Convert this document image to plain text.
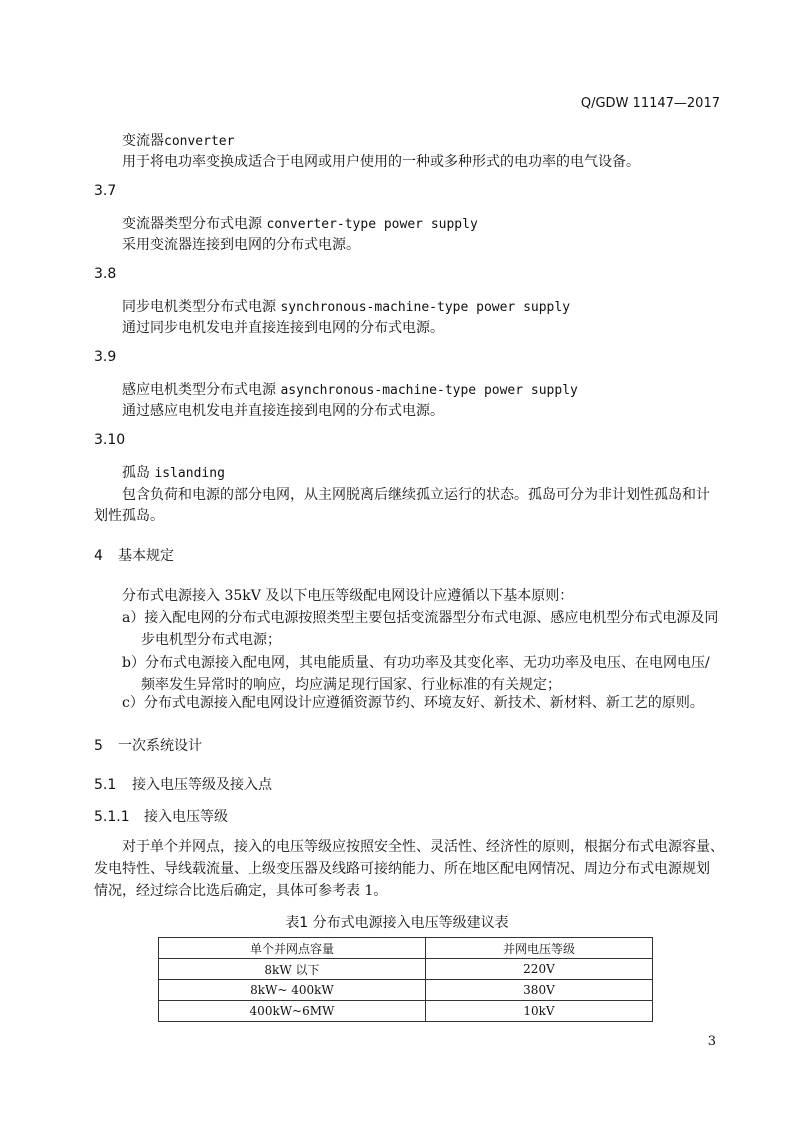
Q/GDW 11147—2017
变流器converter
用于将电功率变换成适合于电网或用户使用的一种或多种形式的电功率的电气设备。
3.7
变流器类型分布式电源 converter-type power supply
采用变流器连接到电网的分布式电源。
3.8
同步电机类型分布式电源 synchronous-machine-type power supply
通过同步电机发电并直接连接到电网的分布式电源。
3.9
感应电机类型分布式电源 asynchronous-machine-type power supply
通过感应电机发电并直接连接到电网的分布式电源。
3.10
孤岛 islanding
包含负荷和电源的部分电网，从主网脱离后继续孤立运行的状态。孤岛可分为非计划性孤岛和计
划性孤岛。
4 基本规定
分布式电源接入 35kV 及以下电压等级配电网设计应遵循以下基本原则：
a）接入配电网的分布式电源按照类型主要包括变流器型分布式电源、感应电机型分布式电源及同
步电机型分布式电源；
b）分布式电源接入配电网，其电能质量、有功功率及其变化率、无功功率及电压、在电网电压/
频率发生异常时的响应，均应满足现行国家、行业标准的有关规定；
c）分布式电源接入配电网设计应遵循资源节约、环境友好、新技术、新材料、新工艺的原则。
5 一次系统设计
5.1 接入电压等级及接入点
5.1.1 接入电压等级
对于单个并网点，接入的电压等级应按照安全性、灵活性、经济性的原则，根据分布式电源容量、
发电特性、导线载流量、上级变压器及线路可接纳能力、所在地区配电网情况、周边分布式电源规划
情况，经过综合比选后确定，具体可参考表 1。
表1 分布式电源接入电压等级建议表
单个并网点容量	并网电压等级
8kW 以下	220V
8kW~ 400kW	380V
400kW~6MW	10kV
3
